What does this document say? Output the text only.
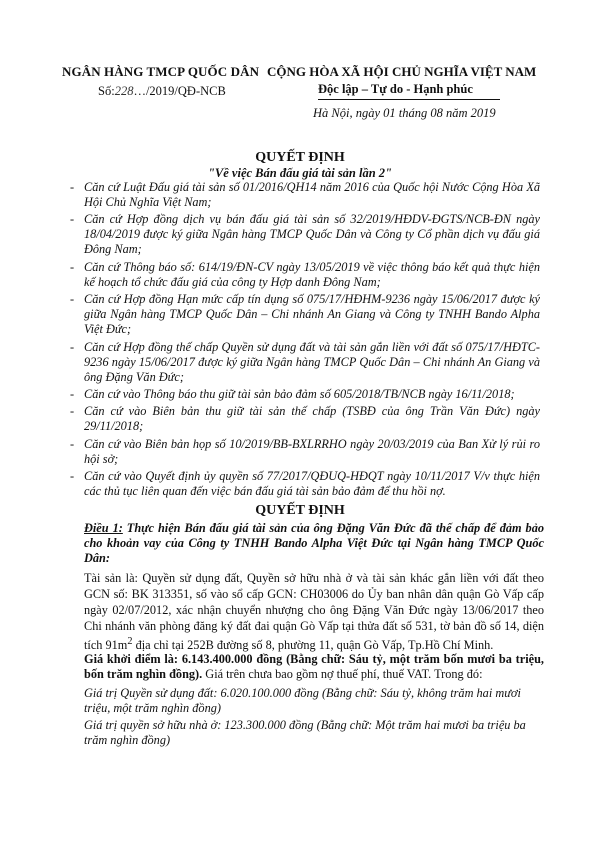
NGÂN HÀNG TMCP QUỐC DÂN CỘNG HÒA XÃ HỘI CHỦ NGHĨA VIỆT NAM
Độc lập – Tự do - Hạnh phúc
Số:228…/2019/QĐ-NCB
Hà Nội, ngày 01 tháng 08 năm 2019
QUYẾT ĐỊNH
"Về việc Bán đấu giá tài sản lần 2"
- Căn cứ Luật Đấu giá tài sản số 01/2016/QH14 năm 2016 của Quốc hội Nước Cộng Hòa Xã Hội Chủ Nghĩa Việt Nam;
- Căn cứ Hợp đồng dịch vụ bán đấu giá tài sản số 32/2019/HĐDV-ĐGTS/NCB-ĐN ngày 18/04/2019 được ký giữa Ngân hàng TMCP Quốc Dân và Công ty Cổ phần dịch vụ đấu giá Đông Nam;
- Căn cứ Thông báo số: 614/19/ĐN-CV ngày 13/05/2019 về việc thông báo kết quả thực hiện kế hoạch tổ chức đấu giá của công ty Hợp danh Đông Nam;
- Căn cứ Hợp đồng Hạn mức cấp tín dụng số 075/17/HĐHM-9236 ngày 15/06/2017 được ký giữa Ngân hàng TMCP Quốc Dân – Chi nhánh An Giang và Công ty TNHH Bando Alpha Việt Đức;
- Căn cứ Hợp đồng thế chấp Quyền sử dụng đất và tài sản gắn liền với đất số 075/17/HĐTC-9236 ngày 15/06/2017 được ký giữa Ngân hàng TMCP Quốc Dân – Chi nhánh An Giang và ông Đặng Văn Đức;
- Căn cứ vào Thông báo thu giữ tài sản bảo đảm số 605/2018/TB/NCB ngày 16/11/2018;
- Căn cứ vào Biên bản thu giữ tài sản thế chấp (TSBĐ của ông Trần Văn Đức) ngày 29/11/2018;
- Căn cứ vào Biên bản họp số 10/2019/BB-BXLRRHO ngày 20/03/2019 của Ban Xử lý rủi ro hội sở;
- Căn cứ vào Quyết định ủy quyền số 77/2017/QĐUQ-HĐQT ngày 10/11/2017 V/v thực hiện các thủ tục liên quan đến việc bán đấu giá tài sản bảo đảm để thu hồi nợ.
QUYẾT ĐỊNH
Điều 1: Thực hiện Bán đấu giá tài sản của ông Đặng Văn Đức đã thế chấp để đảm bảo cho khoản vay của Công ty TNHH Bando Alpha Việt Đức tại Ngân hàng TMCP Quốc Dân:
Tài sản là: Quyền sử dụng đất, Quyền sở hữu nhà ở và tài sản khác gắn liền với đất theo GCN số: BK 313351, số vào sổ cấp GCN: CH03006 do Ủy ban nhân dân quận Gò Vấp cấp ngày 02/07/2012, xác nhận chuyển nhượng cho ông Đặng Văn Đức ngày 13/06/2017 theo Chi nhánh văn phòng đăng ký đất đai quận Gò Vấp tại thửa đất số 531, tờ bản đồ số 14, diện tích $91m^2$ địa chỉ tại 252B đường số 8, phường 11, quận Gò Vấp, Tp.Hồ Chí Minh.
Giá khởi điểm là: 6.143.400.000 đồng (Bằng chữ: Sáu tỷ, một trăm bốn mươi ba triệu, bốn trăm nghìn đồng). Giá trên chưa bao gồm nợ thuế phí, thuế VAT. Trong đó:
Giá trị Quyền sử dụng đất: 6.020.100.000 đồng (Bằng chữ: Sáu tỷ, không trăm hai mươi triệu, một trăm nghìn đồng)
Giá trị quyền sở hữu nhà ở: 123.300.000 đồng (Bằng chữ: Một trăm hai mươi ba triệu ba trăm nghìn đồng)
